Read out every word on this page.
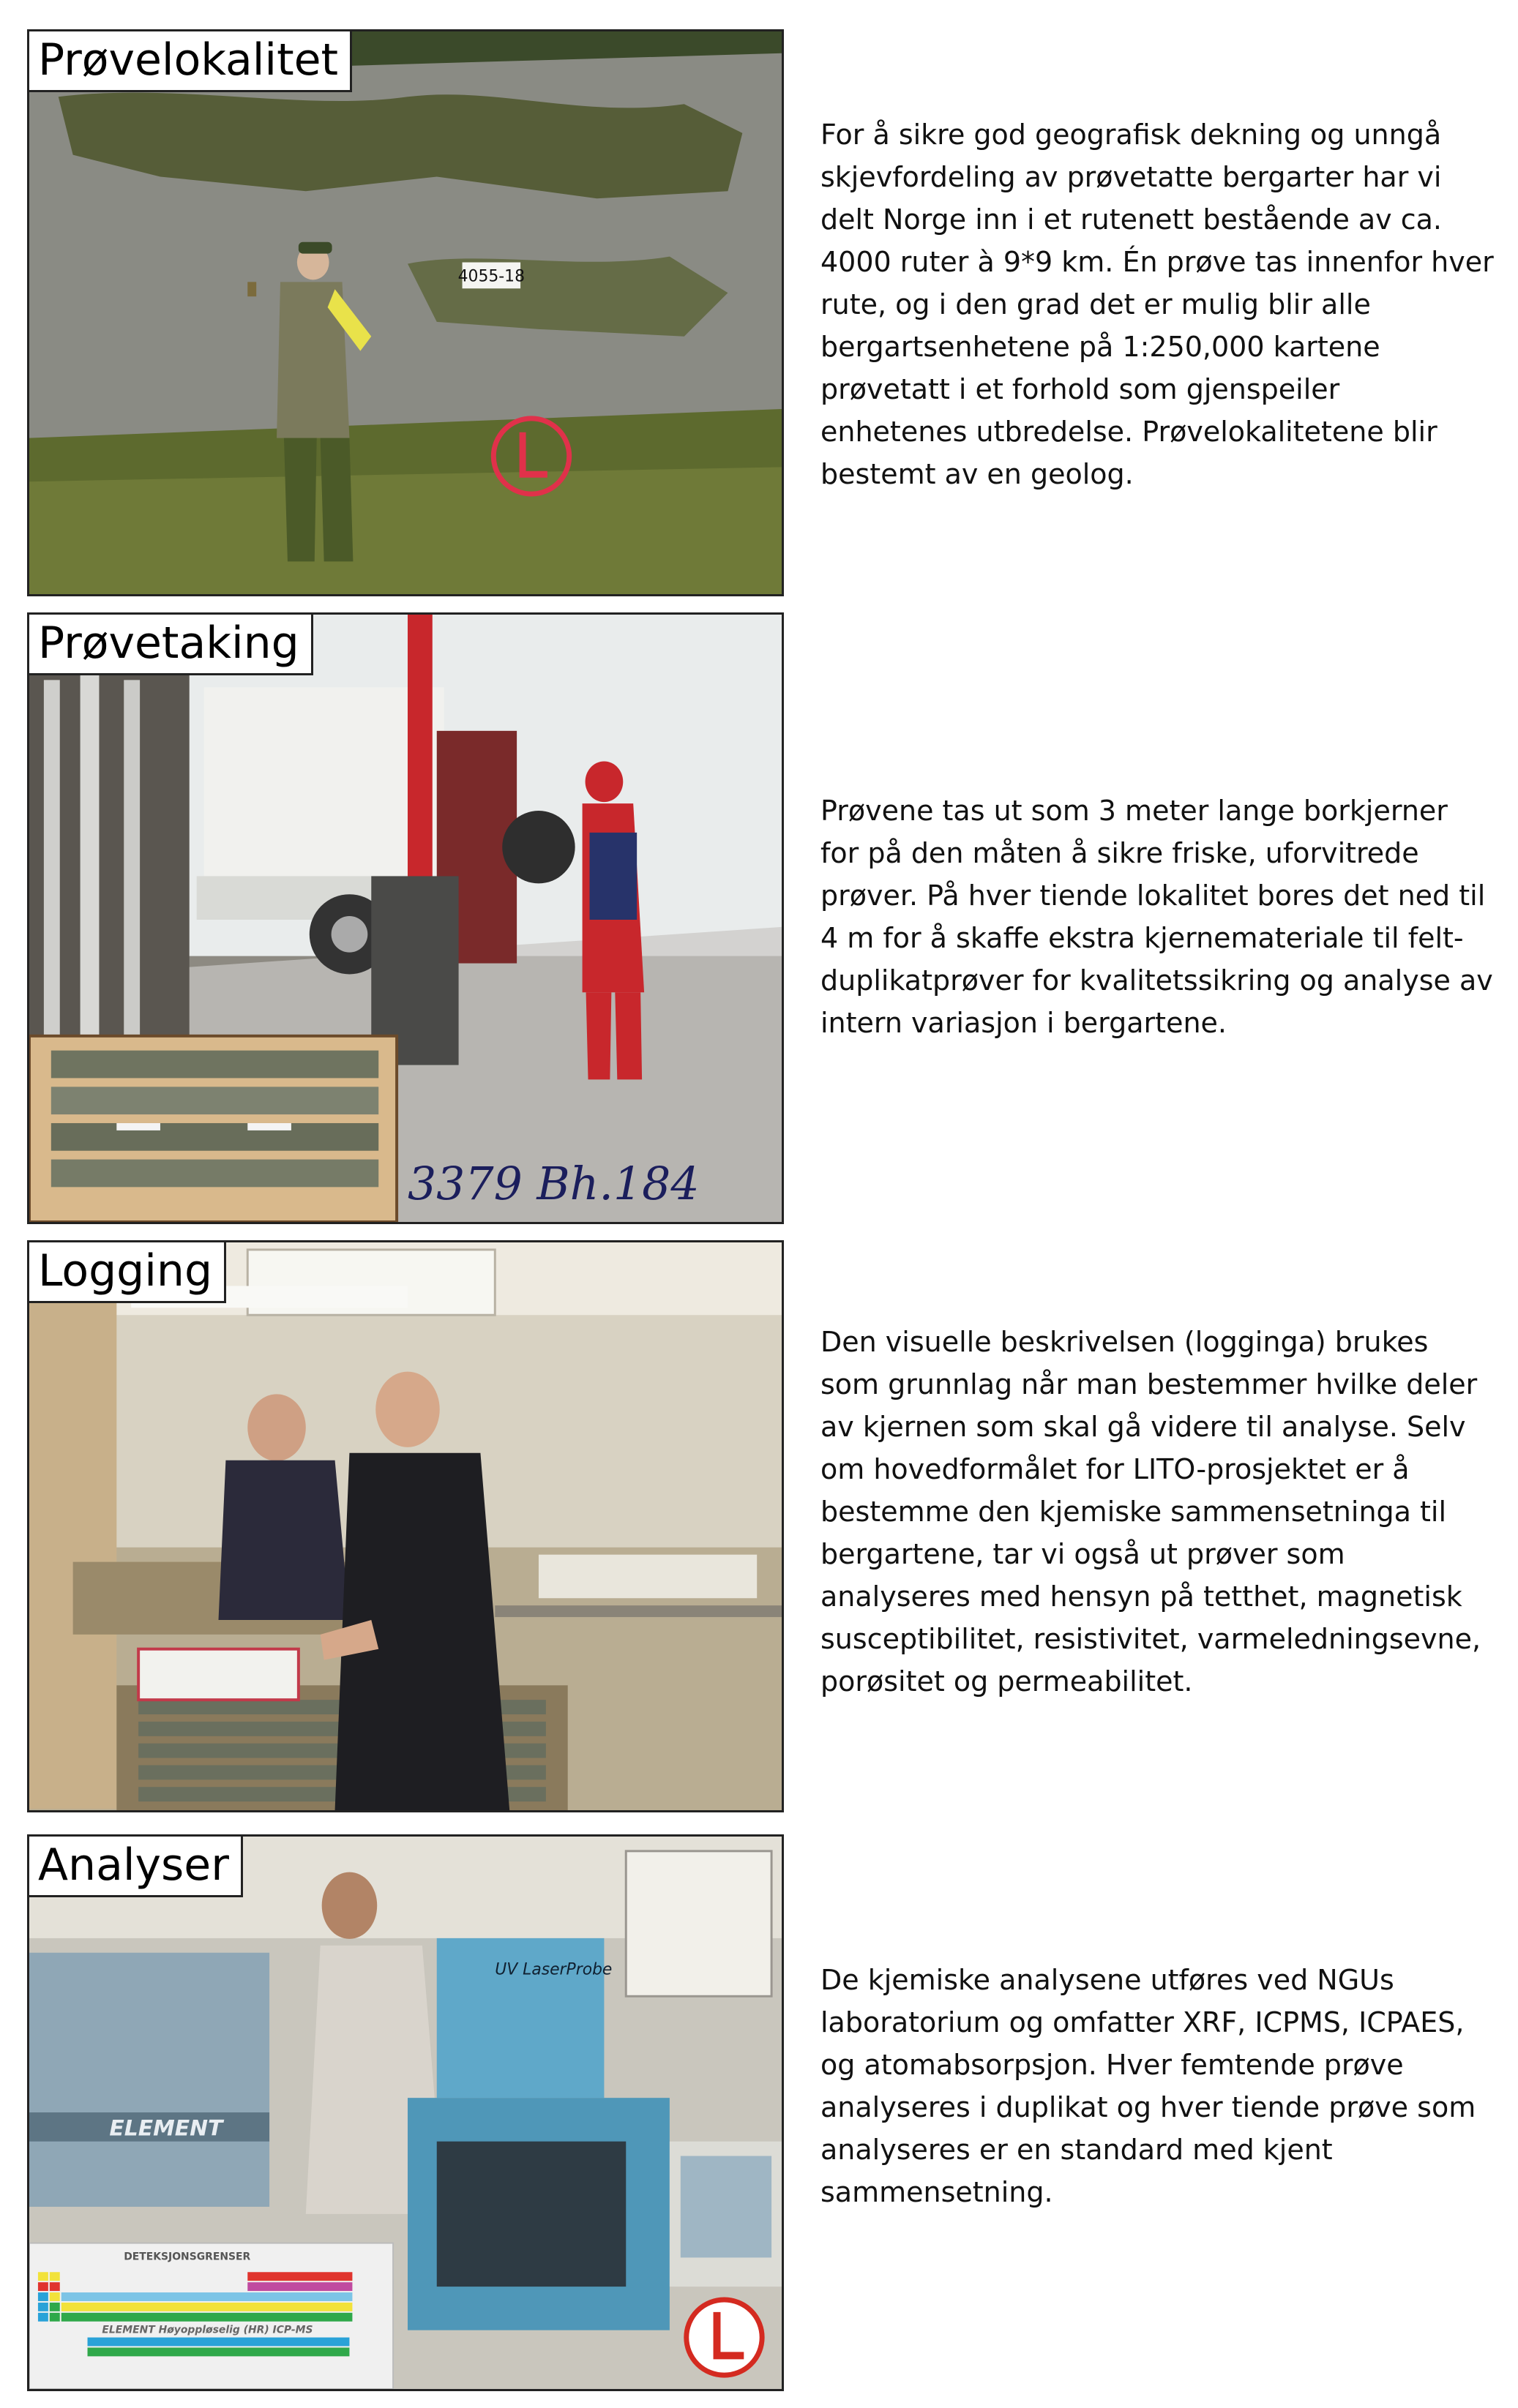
4055-18
Prøvelokalitet

For å sikre god geografisk dekning og unngå skjevfordeling av prøvetatte bergarter har vi delt Norge inn i et rutenett bestående av ca. 4000 ruter à 9*9 km. Én prøve tas innenfor hver rute, og i den grad det er mulig blir alle bergartsenhetene på 1:250,000 kartene prøvetatt i et forhold som gjenspeiler enhetenes utbredelse. Prøvelokalitetene blir bestemt av en geolog.

3379 Bh.184
Prøvetaking

Prøvene tas ut som 3 meter lange borkjerner for på den måten å sikre friske, uforvitrede prøver. På hver tiende lokalitet bores det ned til 4 m for å skaffe ekstra kjernemateriale til felt-duplikatprøver for kvalitetssikring og analyse av intern variasjon i bergartene.

Logging

Den visuelle beskrivelsen (logginga) brukes som grunnlag når man bestemmer hvilke deler av kjernen som skal gå videre til analyse. Selv om hovedformålet for LITO-prosjektet er å bestemme den kjemiske sammensetninga til bergartene, tar vi også ut prøver som analyseres med hensyn på tetthet, magnetisk susceptibilitet, resistivitet, varmeledningsevne, porøsitet og permeabilitet.

ELEMENT
UV LaserProbe
DETEKSJONSGRENSER
ELEMENT Høyoppløselig (HR) ICP-MS
Analyser

De kjemiske analysene utføres ved NGUs laboratorium og omfatter XRF, ICPMS, ICPAES, og atomabsorpsjon. Hver femtende prøve analyseres i duplikat og hver tiende prøve som analyseres er en standard med kjent sammensetning.
